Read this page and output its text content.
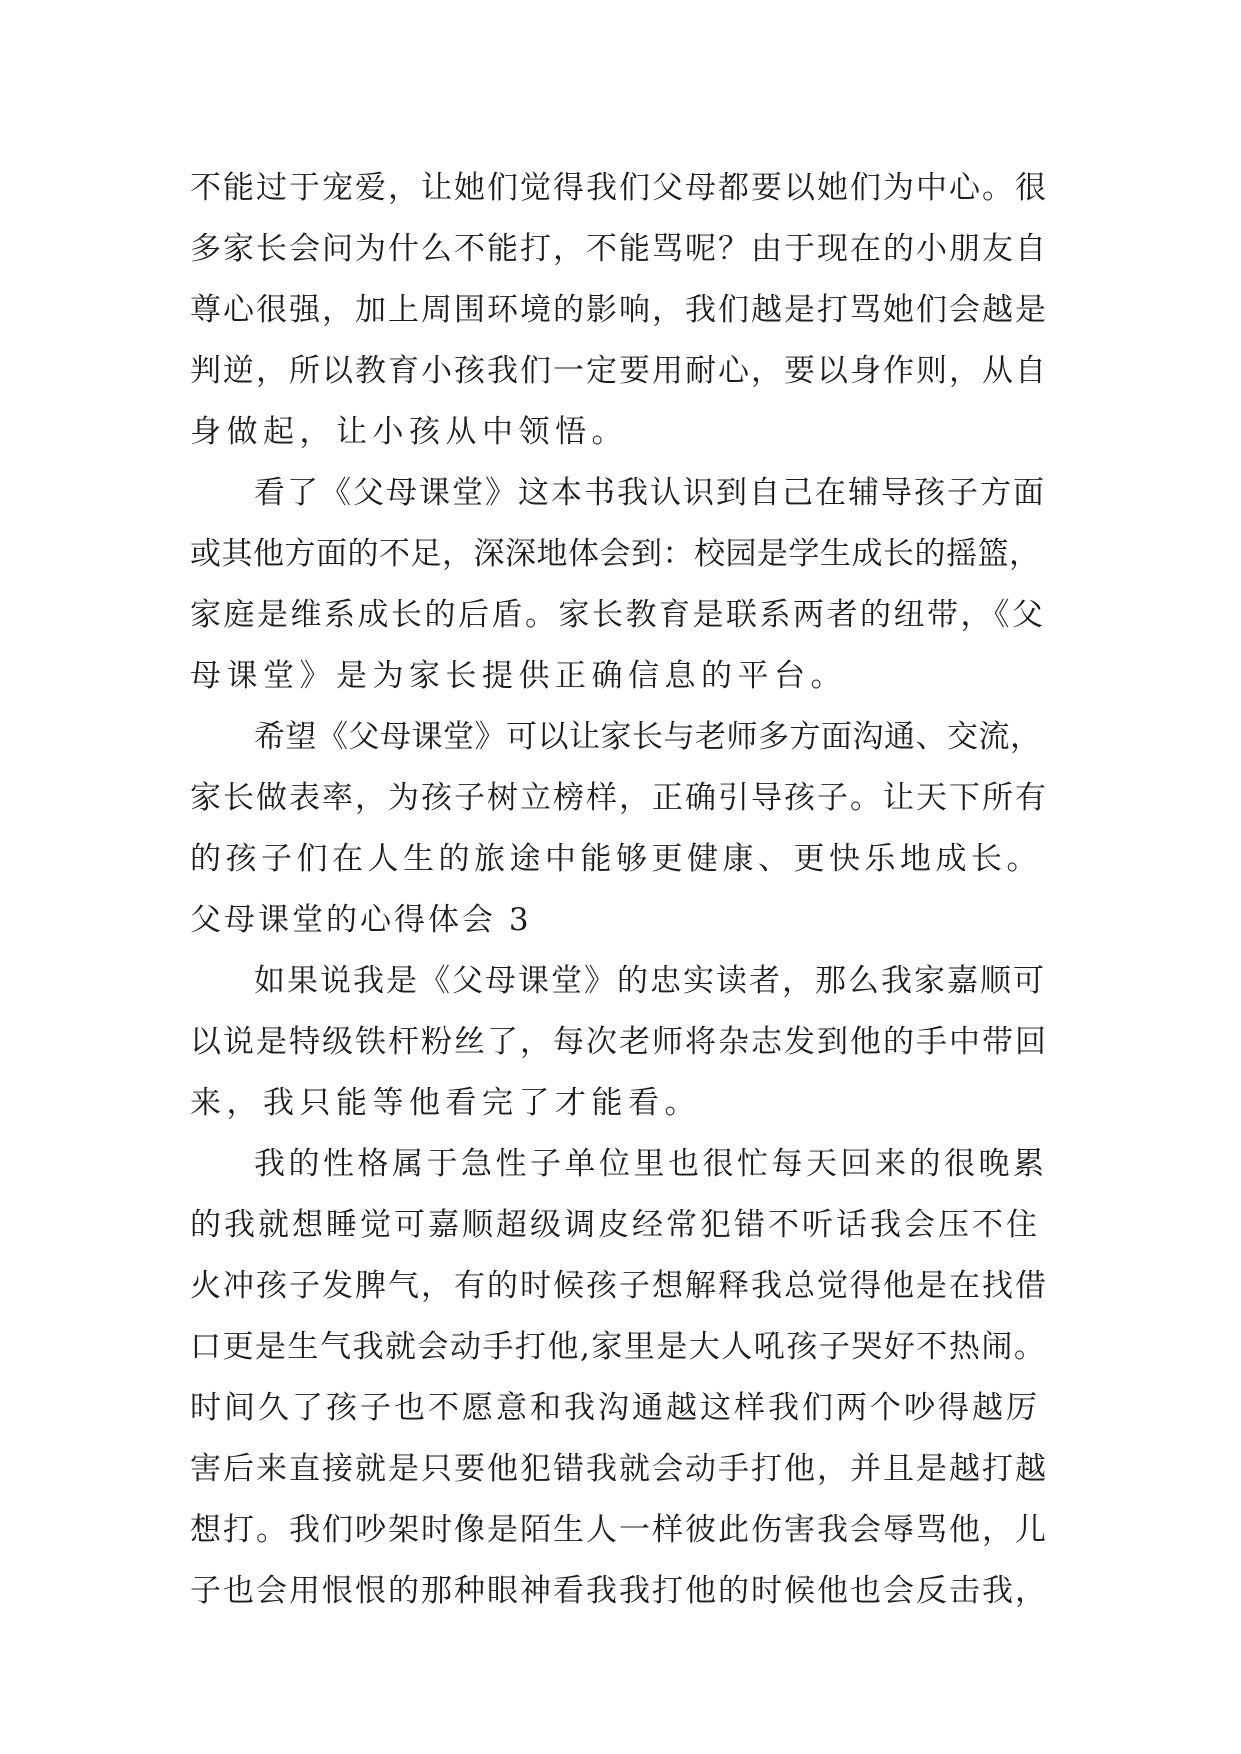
不能过于宠爱，让她们觉得我们父母都要以她们为中心。很
多家长会问为什么不能打，不能骂呢？由于现在的小朋友自
尊心很强，加上周围环境的影响，我们越是打骂她们会越是
判逆，所以教育小孩我们一定要用耐心，要以身作则，从自
身做起，让小孩从中领悟。
看了《父母课堂》这本书我认识到自己在辅导孩子方面
或其他方面的不足，深深地体会到：校园是学生成长的摇篮，
家庭是维系成长的后盾。家长教育是联系两者的纽带，《父
母课堂》是为家长提供正确信息的平台。
希望《父母课堂》可以让家长与老师多方面沟通、交流，
家长做表率，为孩子树立榜样，正确引导孩子。让天下所有
的孩子们在人生的旅途中能够更健康、更快乐地成长。
父母课堂的心得体会 3
如果说我是《父母课堂》的忠实读者，那么我家嘉顺可
以说是特级铁杆粉丝了，每次老师将杂志发到他的手中带回
来，我只能等他看完了才能看。
我的性格属于急性子单位里也很忙每天回来的很晚累
的我就想睡觉可嘉顺超级调皮经常犯错不听话我会压不住
火冲孩子发脾气，有的时候孩子想解释我总觉得他是在找借
口更是生气我就会动手打他,家里是大人吼孩子哭好不热闹。
时间久了孩子也不愿意和我沟通越这样我们两个吵得越厉
害后来直接就是只要他犯错我就会动手打他，并且是越打越
想打。我们吵架时像是陌生人一样彼此伤害我会辱骂他，儿
子也会用恨恨的那种眼神看我我打他的时候他也会反击我，
